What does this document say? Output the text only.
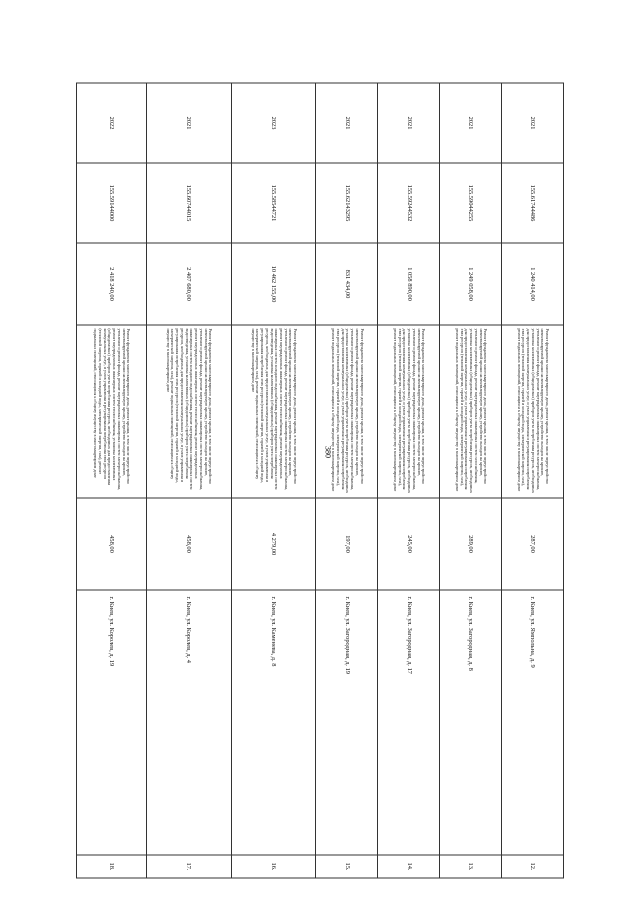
380
2021	155.61744486	1 240 414,00	Ремонт фундамента многоквартирного дома, ремонт крыши, в том числе переустройство невентилируемой крыши на вентилируемую крышу, устройство выходов на кровлю, утепление и ремонт фасада, ремонт внутридомовых инженерных систем электроснабжения, установка коллективных (общедомовых) приборов учета потребления ресурсов, необходимых для предоставления коммунальных услуг, и узлов управления и регулирования потребления этих ресурсов (тепловой энергии, горячей и холодной воды, электрической энергии, газа), ремонт подвальных помещений, относящихся к общему имуществу в многоквартирном доме	287,00	г. Киев, ул. Ямпольна, д. 9	12.
2021	155.59044255	1 249 058,00	Ремонт фундамента многоквартирного дома, ремонт крыши, в том числе переустройство невентилируемой крыши на вентилируемую крышу, устройство выходов на кровлю, утепление и ремонт фасада, ремонт внутридомовых инженерных систем газоснабжения, установка коллективных (общедомовых) приборов учета потребления ресурсов, необходимых для предоставления коммунальных услуг, и узлов управления и регулирования потребления этих ресурсов (тепловой энергии, горячей и холодной воды, электрической энергии, газа), ремонт подвальных помещений, относящихся к общему имуществу в многоквартирном доме	289,00	г. Киев, ул. Загородная, д. 8	13.
2021	155.59244532	1 058 890,00	Ремонт фундамента многоквартирного дома, ремонт крыши, в том числе переустройство невентилируемой крыши на вентилируемую крышу, устройство выходов на кровлю, утепление и ремонт фасада, ремонт внутридомовых инженерных систем электроснабжения, установка коллективных (общедомовых) приборов учета потребления ресурсов, необходимых для предоставления коммунальных услуг, и узлов управления и регулирования потребления этих ресурсов (тепловой энергии, горячей и холодной воды, электрической энергии, газа), ремонт подвальных помещений, относящихся к общему имуществу в многоквартирном доме	245,00	г. Киев, ул. Загородная, д. 17	14.
2021	155.62143295	831 434,00	Ремонт фундамента многоквартирного дома, ремонт крыши, в том числе переустройство невентилируемой крыши на вентилируемую крышу, устройство выходов на кровлю, утепление и ремонт фасада, ремонт внутридомовых инженерных систем электроснабжения, установка коллективных (общедомовых) приборов учета потребления ресурсов, необходимых для предоставления коммунальных услуг, и узлов управления и регулирования потребления этих ресурсов (тепловой энергии, горячей и холодной воды, электрической энергии, газа), ремонт подвальных помещений, относящихся к общему имуществу в многоквартирном доме	197,00	г. Киев, ул. Загородная, д. 19	15.
2023	155.58544721	10 462 155,00	Ремонт фундамента многоквартирного дома, ремонт крыши, в том числе переустройство невентилируемой крыши на вентилируемую крышу, устройство выходов на кровлю, утепление и ремонт фасада, ремонт внутридомовых инженерных систем электроснабжения, ремонт внутридомовых инженерных систем теплоснабжения, ремонт внутридомовых инженерных систем холодного водоснабжения, ремонт внутридомовых инженерных систем водоотведения, установка коллективных (общедомовых) приборов учета потребления ресурсов, необходимых для предоставления коммунальных услуг, и узлов управления и регулирования потребления этих ресурсов (тепловой энергии, горячей и холодной воды, электрической энергии, газа), ремонт подвальных помещений, относящихся к общему имуществу в многоквартирном доме	4 279,00	г. Киев, ул. Каменева, д. 8	16.
2021	155.60744015	2 407 680,00	Ремонт фундамента многоквартирного дома, ремонт крыши, в том числе переустройство невентилируемой крыши на вентилируемую крышу, устройство выходов на кровлю, утепление и ремонт фасада, ремонт внутридомовых инженерных систем электроснабжения, ремонт внутридомовых инженерных систем теплоснабжения, ремонт внутридомовых инженерных систем холодного водоснабжения, ремонт внутридомовых инженерных систем водоотведения, установка коллективных (общедомовых) приборов учета потребления ресурсов, необходимых для предоставления коммунальных услуг, и узлов управления и регулирования потребления этих ресурсов (тепловой энергии, горячей и холодной воды, электрической энергии, газа), ремонт подвальных помещений, относящихся к общему имуществу в многоквартирном доме	458,00	г. Киев, ул. Королев, д. 4	17.
2022	155.59144000	2 418 240,00	Ремонт фундамента многоквартирного дома, ремонт крыши, в том числе переустройство невентилируемой крыши на вентилируемую крышу, устройство выходов на кровлю, утепление и ремонт фасада, ремонт внутридомовых инженерных систем электроснабжения, ремонт внутридомовых инженерных систем теплоснабжения, установка коллективных (общедомовых) приборов учета потребления ресурсов, необходимых для предоставления коммунальных услуг, и узлов управления и регулирования потребления этих ресурсов (тепловой энергии, горячей и холодной воды, электрической энергии, газа), ремонт подвальных помещений, относящихся к общему имуществу в многоквартирном доме	458,00	г. Киев, ул. Королев, д. 19	18.
